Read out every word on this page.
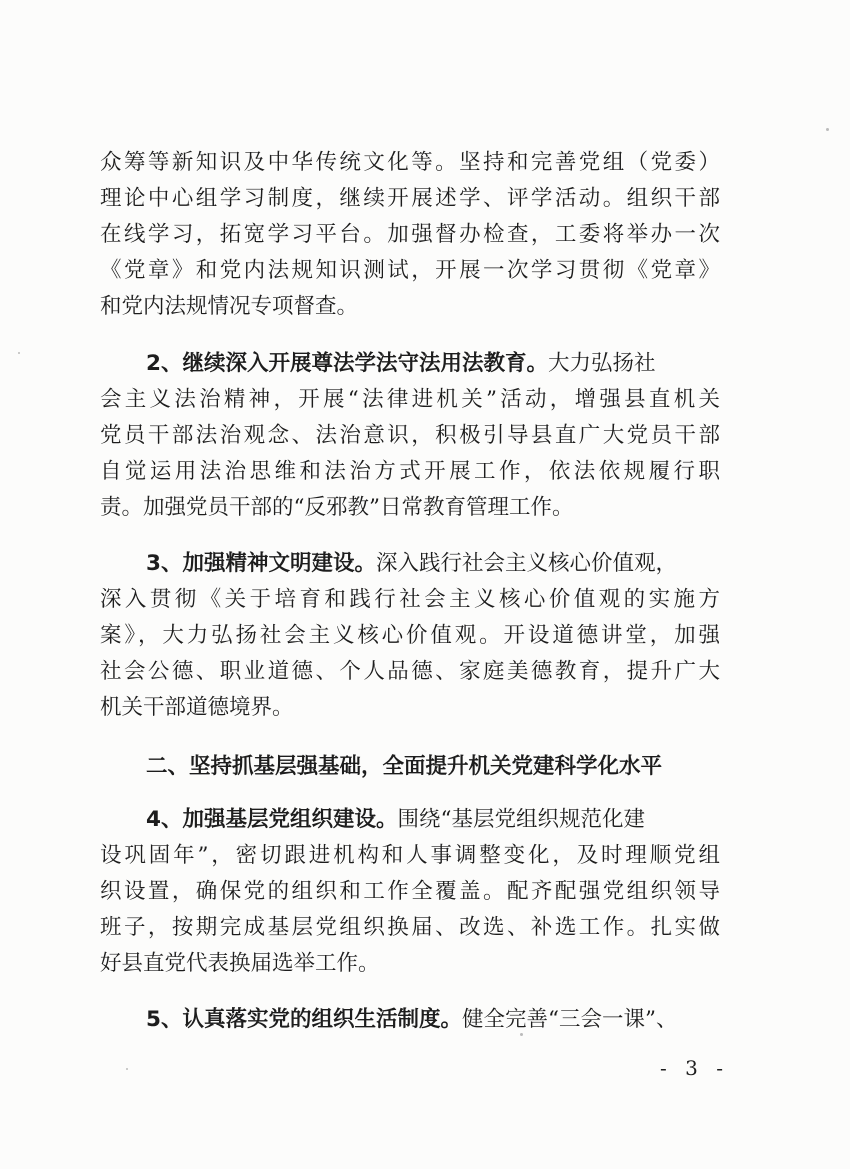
众筹等新知识及中华传统文化等。坚持和完善党组（党委）
理论中心组学习制度，继续开展述学、评学活动。组织干部
在线学习，拓宽学习平台。加强督办检查，工委将举办一次
《党章》和党内法规知识测试，开展一次学习贯彻《党章》
和党内法规情况专项督查。
2、继续深入开展尊法学法守法用法教育。大力弘扬社
会主义法治精神，开展“法律进机关”活动，增强县直机关
党员干部法治观念、法治意识，积极引导县直广大党员干部
自觉运用法治思维和法治方式开展工作，依法依规履行职
责。加强党员干部的“反邪教”日常教育管理工作。
3、加强精神文明建设。深入践行社会主义核心价值观，
深入贯彻《关于培育和践行社会主义核心价值观的实施方
案》，大力弘扬社会主义核心价值观。开设道德讲堂，加强
社会公德、职业道德、个人品德、家庭美德教育，提升广大
机关干部道德境界。
二、坚持抓基层强基础，全面提升机关党建科学化水平
4、加强基层党组织建设。围绕“基层党组织规范化建
设巩固年”，密切跟进机构和人事调整变化，及时理顺党组
织设置，确保党的组织和工作全覆盖。配齐配强党组织领导
班子，按期完成基层党组织换届、改选、补选工作。扎实做
好县直党代表换届选举工作。
5、认真落实党的组织生活制度。健全完善“三会一课”、
- 3 -
